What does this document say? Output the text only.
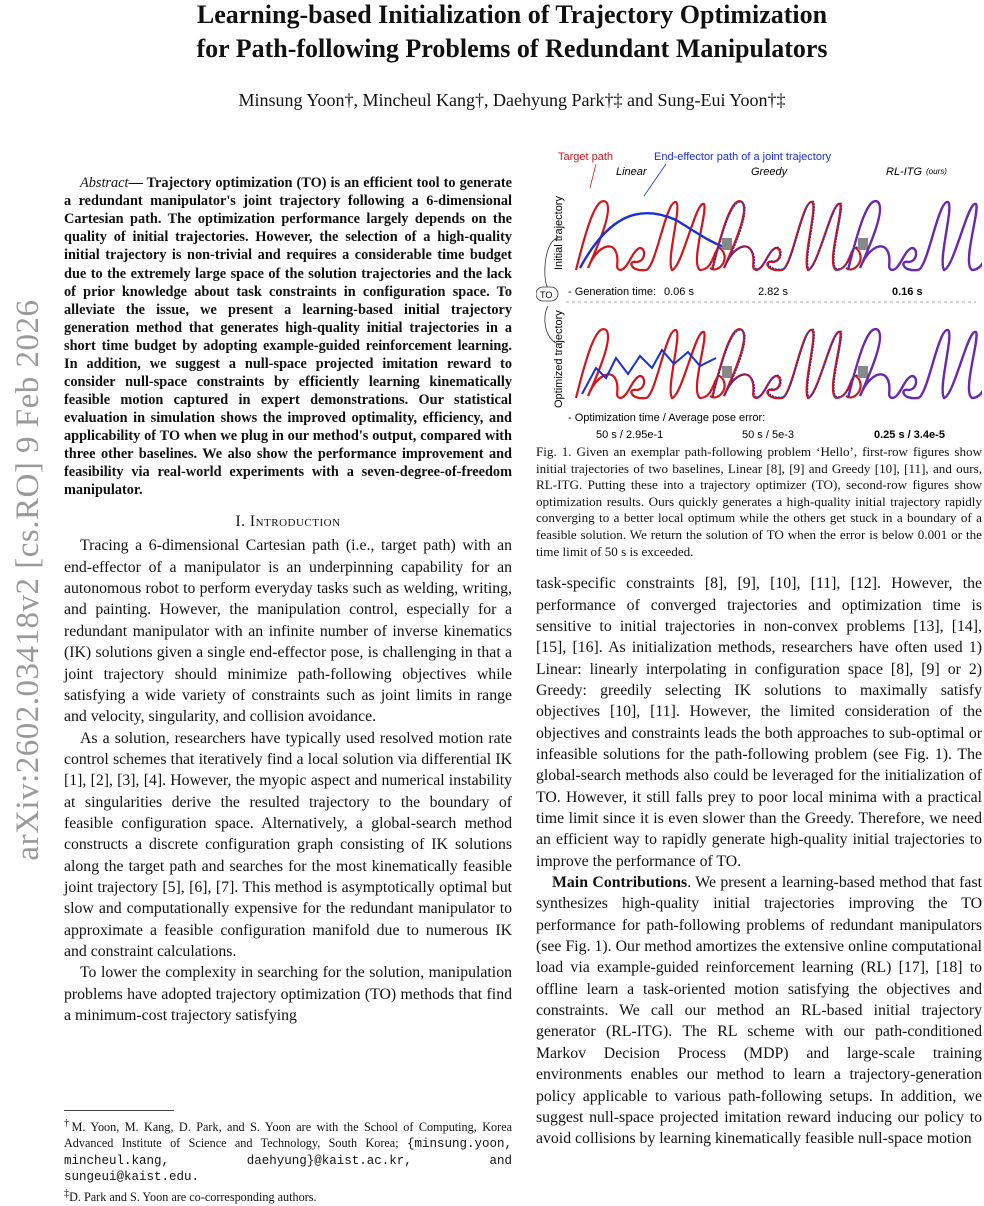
arXiv:2602.03418v2 [cs.RO] 9 Feb 2026
Learning-based Initialization of Trajectory Optimization
for Path-following Problems of Redundant Manipulators
Minsung Yoon†, Mincheul Kang†, Daehyung Park†‡ and Sung-Eui Yoon†‡

Abstract— Trajectory optimization (TO) is an efficient tool to generate a redundant manipulator's joint trajectory following a 6-dimensional Cartesian path. The optimization performance largely depends on the quality of initial trajectories. However, the selection of a high-quality initial trajectory is non-trivial and requires a considerable time budget due to the extremely large space of the solution trajectories and the lack of prior knowledge about task constraints in configuration space. To alleviate the issue, we present a learning-based initial trajectory generation method that generates high-quality initial trajectories in a short time budget by adopting example-guided reinforcement learning. In addition, we suggest a null-space projected imitation reward to consider null-space constraints by efficiently learning kinematically feasible motion captured in expert demonstrations. Our statistical evaluation in simulation shows the improved optimality, efficiency, and applicability of TO when we plug in our method's output, compared with three other baselines. We also show the performance improvement and feasibility via real-world experiments with a seven-degree-of-freedom manipulator.

I. Introduction

Tracing a 6-dimensional Cartesian path (i.e., target path) with an end-effector of a manipulator is an underpinning capability for an autonomous robot to perform everyday tasks such as welding, writing, and painting. However, the manipulation control, especially for a redundant manipulator with an infinite number of inverse kinematics (IK) solutions given a single end-effector pose, is challenging in that a joint trajectory should minimize path-following objectives while satisfying a wide variety of constraints such as joint limits in range and velocity, singularity, and collision avoidance.

As a solution, researchers have typically used resolved motion rate control schemes that iteratively find a local solution via differential IK [1], [2], [3], [4]. However, the myopic aspect and numerical instability at singularities derive the resulted trajectory to the boundary of feasible configuration space. Alternatively, a global-search method constructs a discrete configuration graph consisting of IK solutions along the target path and searches for the most kinematically feasible joint trajectory [5], [6], [7]. This method is asymptotically optimal but slow and computationally expensive for the redundant manipulator to approximate a feasible configuration manifold due to numerous IK and constraint calculations.

To lower the complexity in searching for the solution, manipulation problems have adopted trajectory optimization (TO) methods that find a minimum-cost trajectory satisfying

†M. Yoon, M. Kang, D. Park, and S. Yoon are with the School of Computing, Korea Advanced Institute of Science and Technology, South Korea; {minsung.yoon, mincheul.kang, daehyung}@kaist.ac.kr, and sungeui@kaist.edu.
‡D. Park and S. Yoon are co-corresponding authors.
Target path	End-effector path of a joint trajectory
Linear	Greedy	RL-ITG (ours)
Initial trajectory
Optimized trajectory
TO - Generation time: 0.06 s	2.82 s	0.16 s
- Optimization time / Average pose error:
50 s / 2.95e-1	50 s / 5e-3	0.25 s / 3.4e-5

Fig. 1. Given an exemplar path-following problem ‘Hello’, first-row figures show initial trajectories of two baselines, Linear [8], [9] and Greedy [10], [11], and ours, RL-ITG. Putting these into a trajectory optimizer (TO), second-row figures show optimization results. Ours quickly generates a high-quality initial trajectory rapidly converging to a better local optimum while the others get stuck in a boundary of a feasible solution. We return the solution of TO when the error is below 0.001 or the time limit of 50 s is exceeded.

task-specific constraints [8], [9], [10], [11], [12]. However, the performance of converged trajectories and optimization time is sensitive to initial trajectories in non-convex problems [13], [14], [15], [16]. As initialization methods, researchers have often used 1) Linear: linearly interpolating in configuration space [8], [9] or 2) Greedy: greedily selecting IK solutions to maximally satisfy objectives [10], [11]. However, the limited consideration of the objectives and constraints leads the both approaches to sub-optimal or infeasible solutions for the path-following problem (see Fig. 1). The global-search methods also could be leveraged for the initialization of TO. However, it still falls prey to poor local minima with a practical time limit since it is even slower than the Greedy. Therefore, we need an efficient way to rapidly generate high-quality initial trajectories to improve the performance of TO.

Main Contributions. We present a learning-based method that fast synthesizes high-quality initial trajectories improving the TO performance for path-following problems of redundant manipulators (see Fig. 1). Our method amortizes the extensive online computational load via example-guided reinforcement learning (RL) [17], [18] to offline learn a task-oriented motion satisfying the objectives and constraints. We call our method an RL-based initial trajectory generator (RL-ITG). The RL scheme with our path-conditioned Markov Decision Process (MDP) and large-scale training environments enables our method to learn a trajectory-generation policy applicable to various path-following setups. In addition, we suggest null-space projected imitation reward inducing our policy to avoid collisions by learning kinematically feasible null-space motion
